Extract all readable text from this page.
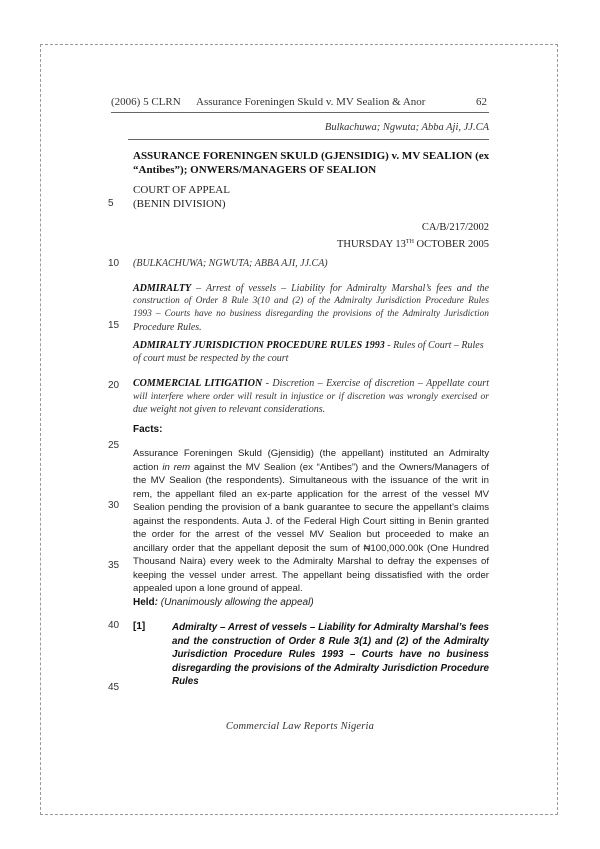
(2006) 5 CLRN Assurance Foreningen Skuld v. MV Sealion & Anor	62
Bulkachuwa; Ngwuta; Abba Aji, JJ.CA
ASSURANCE FORENINGEN SKULD (GJENSIDIG) v. MV SEALION (ex
“Antibes”); ONWERS/MANAGERS OF SEALION
COURT OF APPEAL
(BENIN DIVISION)
CA/B/217/2002
THURSDAY 13TH OCTOBER 2005
(BULKACHUWA; NGWUTA; ABBA AJI, JJ.CA)
5
10
15
20
25
30
35
40
45
ADMIRALTY – Arrest of vessels – Liability for Admiralty Marshal’s fees and the
construction of Order 8 Rule 3(10 and (2) of the Admiralty Jurisdiction Procedure Rules
1993 – Courts have no business disregarding the provisions of the Admiralty Jurisdiction
Procedure Rules.
ADMIRALTY JURISDICTION PROCEDURE RULES 1993 - Rules of Court – Rules
of court must be respected by the court
COMMERCIAL LITIGATION - Discretion – Exercise of discretion – Appellate court
will interfere where order will result in injustice or if discretion was wrongly exercised or
due weight not given to relevant considerations.
Facts:
Assurance Foreningen Skuld (Gjensidig) (the appellant) instituted an Admiralty
action in rem against the MV Sealion (ex “Antibes”) and the Owners/Managers of
the MV Sealion (the respondents). Simultaneous with the issuance of the writ in
rem, the appellant filed an ex-parte application for the arrest of the vessel MV
Sealion pending the provision of a bank guarantee to secure the appellant’s claims
against the respondents. Auta J. of the Federal High Court sitting in Benin granted
the order for the arrest of the vessel MV Sealion but proceeded to make an
ancillary order that the appellant deposit the sum of ₦100,000.00k (One Hundred
Thousand Naira) every week to the Admiralty Marshal to defray the expenses of
keeping the vessel under arrest. The appellant being dissatisfied with the order
appealed upon a lone ground of appeal.
Held: (Unanimously allowing the appeal)
[1]	Admiralty – Arrest of vessels – Liability for Admiralty Marshal’s fees
and the construction of Order 8 Rule 3(1) and (2) of the Admiralty
Jurisdiction Procedure Rules 1993 – Courts have no business
disregarding the provisions of the Admiralty Jurisdiction Procedure
Rules
Commercial Law Reports Nigeria
